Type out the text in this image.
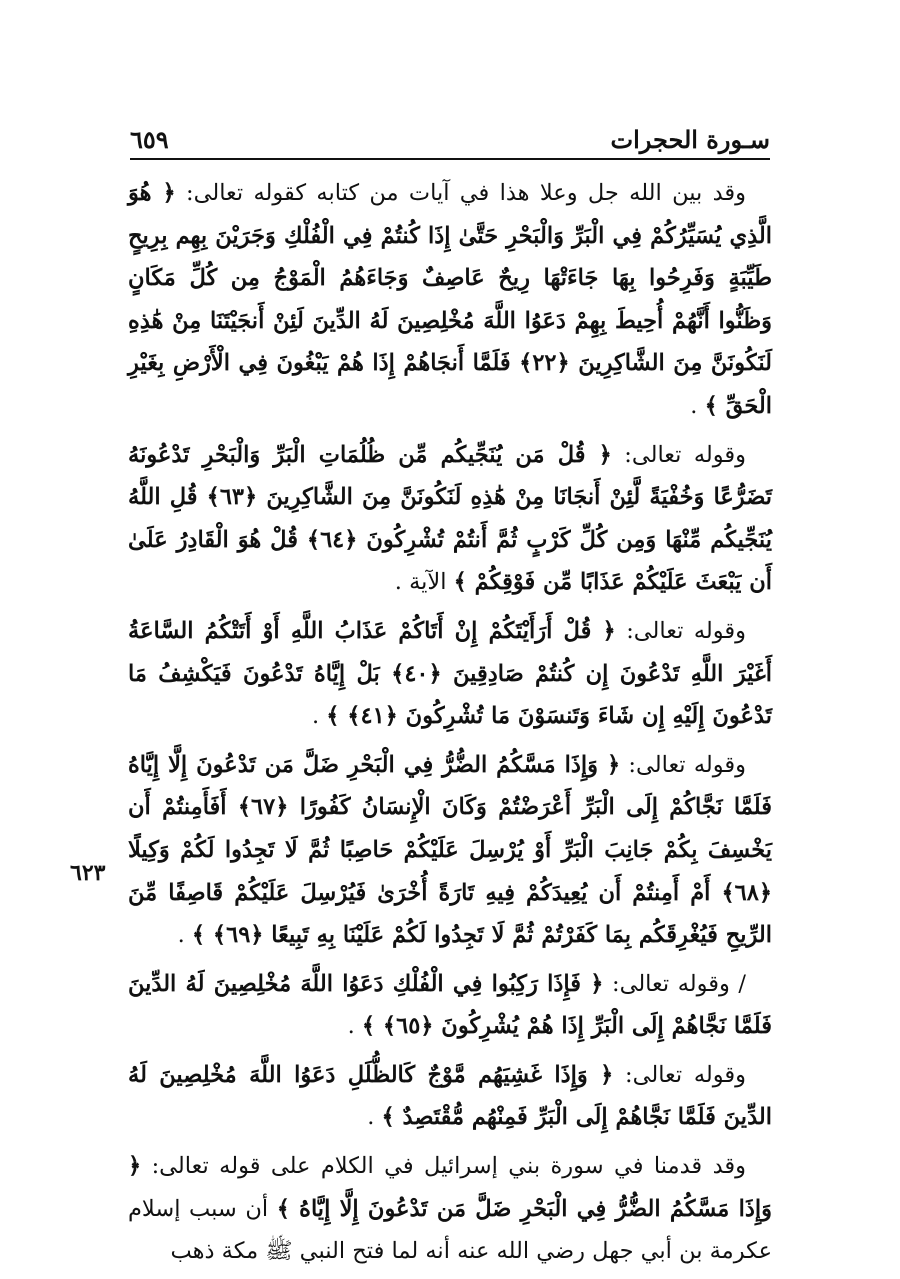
٦٥٩	سـورة الحجرات

وقد بين الله جل وعلا هذا في آيات من كتابه كقوله تعالى: ﴿ هُوَ الَّذِي يُسَيِّرُكُمْ فِي الْبَرِّ وَالْبَحْرِ حَتَّىٰ إِذَا كُنتُمْ فِي الْفُلْكِ وَجَرَيْنَ بِهِم بِرِيحٍ طَيِّبَةٍ وَفَرِحُوا بِهَا جَاءَتْهَا رِيحٌ عَاصِفٌ وَجَاءَهُمُ الْمَوْجُ مِن كُلِّ مَكَانٍ وَظَنُّوا أَنَّهُمْ أُحِيطَ بِهِمْ دَعَوُا اللَّهَ مُخْلِصِينَ لَهُ الدِّينَ لَئِنْ أَنجَيْتَنَا مِنْ هَٰذِهِ لَنَكُونَنَّ مِنَ الشَّاكِرِينَ ﴿٢٢﴾ فَلَمَّا أَنجَاهُمْ إِذَا هُمْ يَبْغُونَ فِي الْأَرْضِ بِغَيْرِ الْحَقِّ ﴾ .

وقوله تعالى: ﴿ قُلْ مَن يُنَجِّيكُم مِّن ظُلُمَاتِ الْبَرِّ وَالْبَحْرِ تَدْعُونَهُ تَضَرُّعًا وَخُفْيَةً لَّئِنْ أَنجَانَا مِنْ هَٰذِهِ لَنَكُونَنَّ مِنَ الشَّاكِرِينَ ﴿٦٣﴾ قُلِ اللَّهُ يُنَجِّيكُم مِّنْهَا وَمِن كُلِّ كَرْبٍ ثُمَّ أَنتُمْ تُشْرِكُونَ ﴿٦٤﴾ قُلْ هُوَ الْقَادِرُ عَلَىٰ أَن يَبْعَثَ عَلَيْكُمْ عَذَابًا مِّن فَوْقِكُمْ ﴾ الآية .

وقوله تعالى: ﴿ قُلْ أَرَأَيْتَكُمْ إِنْ أَتَاكُمْ عَذَابُ اللَّهِ أَوْ أَتَتْكُمُ السَّاعَةُ أَغَيْرَ اللَّهِ تَدْعُونَ إِن كُنتُمْ صَادِقِينَ ﴿٤٠﴾ بَلْ إِيَّاهُ تَدْعُونَ فَيَكْشِفُ مَا تَدْعُونَ إِلَيْهِ إِن شَاءَ وَتَنسَوْنَ مَا تُشْرِكُونَ ﴿٤١﴾ ﴾ .

وقوله تعالى: ﴿ وَإِذَا مَسَّكُمُ الضُّرُّ فِي الْبَحْرِ ضَلَّ مَن تَدْعُونَ إِلَّا إِيَّاهُ فَلَمَّا نَجَّاكُمْ إِلَى الْبَرِّ أَعْرَضْتُمْ وَكَانَ الْإِنسَانُ كَفُورًا ﴿٦٧﴾ أَفَأَمِنتُمْ أَن يَخْسِفَ بِكُمْ جَانِبَ الْبَرِّ أَوْ يُرْسِلَ عَلَيْكُمْ حَاصِبًا ثُمَّ لَا تَجِدُوا لَكُمْ وَكِيلًا ﴿٦٨﴾ أَمْ أَمِنتُمْ أَن يُعِيدَكُمْ فِيهِ تَارَةً أُخْرَىٰ فَيُرْسِلَ عَلَيْكُمْ قَاصِفًا مِّنَ الرِّيحِ فَيُغْرِقَكُم بِمَا كَفَرْتُمْ ثُمَّ لَا تَجِدُوا لَكُمْ عَلَيْنَا بِهِ تَبِيعًا ﴿٦٩﴾ ﴾ .

/ وقوله تعالى: ﴿ فَإِذَا رَكِبُوا فِي الْفُلْكِ دَعَوُا اللَّهَ مُخْلِصِينَ لَهُ الدِّينَ فَلَمَّا نَجَّاهُمْ إِلَى الْبَرِّ إِذَا هُمْ يُشْرِكُونَ ﴿٦٥﴾ ﴾ .

وقوله تعالى: ﴿ وَإِذَا غَشِيَهُم مَّوْجٌ كَالظُّلَلِ دَعَوُا اللَّهَ مُخْلِصِينَ لَهُ الدِّينَ فَلَمَّا نَجَّاهُمْ إِلَى الْبَرِّ فَمِنْهُم مُّقْتَصِدٌ ﴾ .

وقد قدمنا في سورة بني إسرائيل في الكلام على قوله تعالى: ﴿ وَإِذَا مَسَّكُمُ الضُّرُّ فِي الْبَحْرِ ضَلَّ مَن تَدْعُونَ إِلَّا إِيَّاهُ ﴾ أن سبب إسلام عكرمة بن أبي جهل رضي الله عنه أنه لما فتح النبي ﷺ مكة ذهب

٦٢٣
